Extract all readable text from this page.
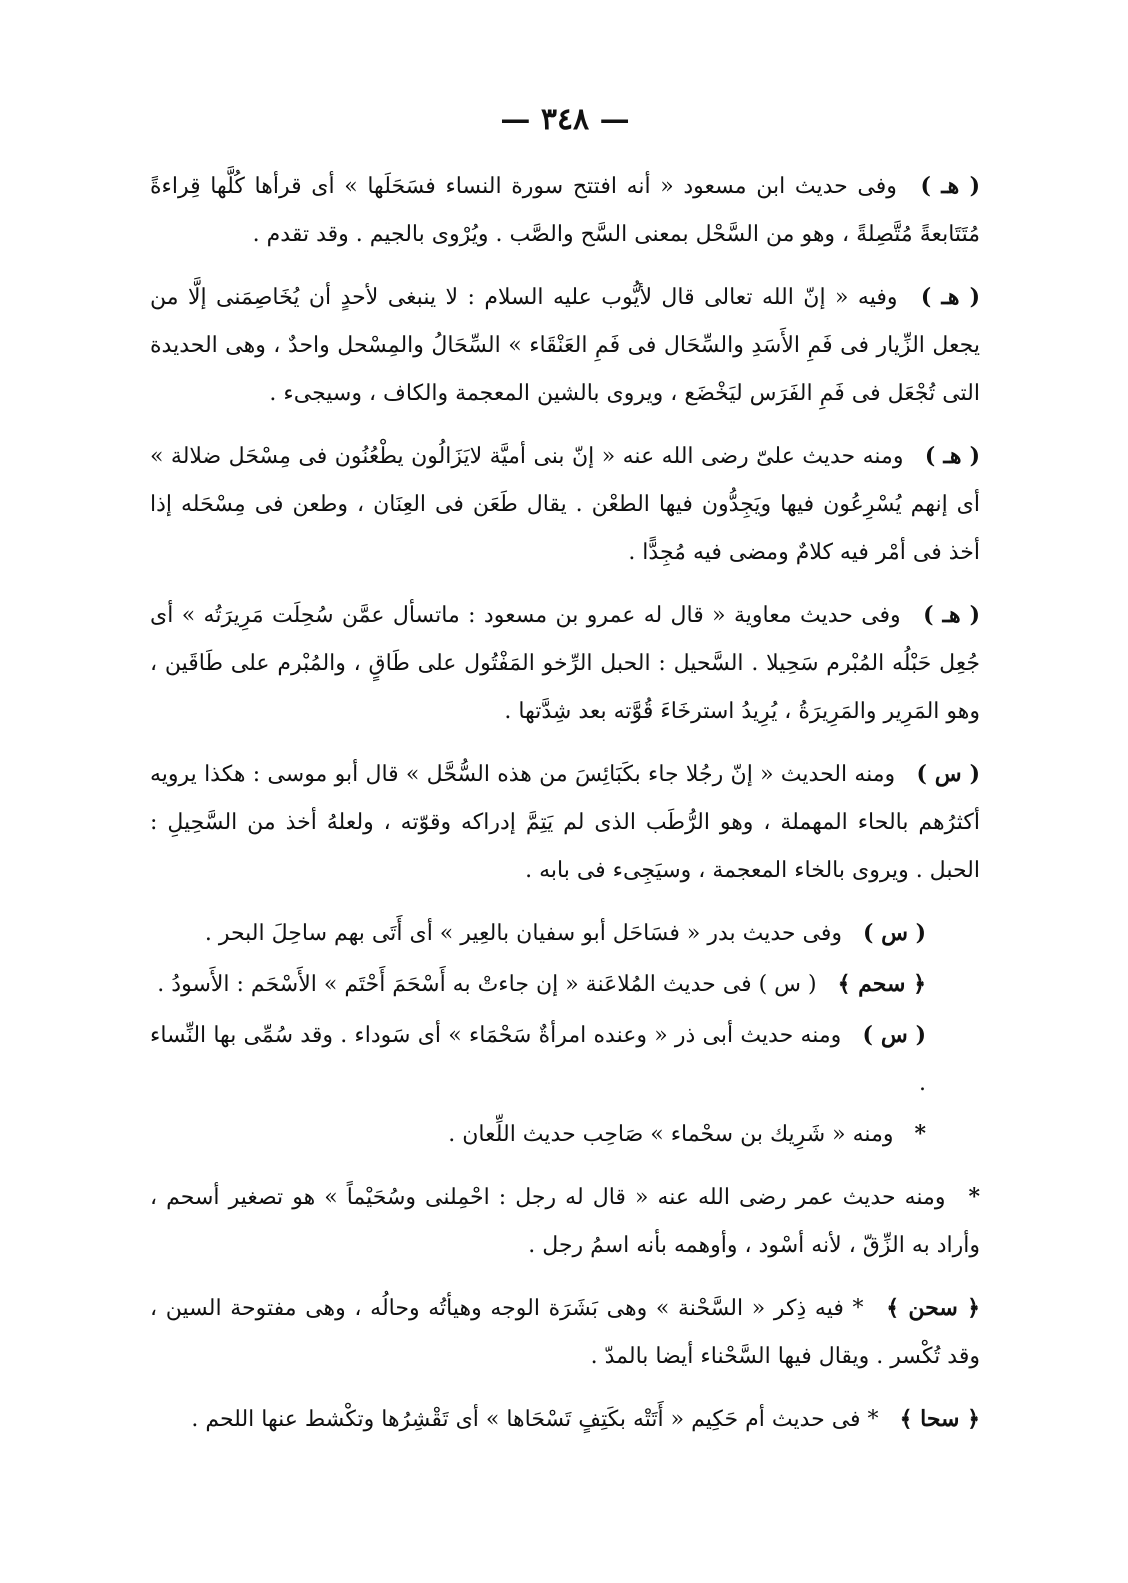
— ٣٤٨ —

( هـ ) وفى حديث ابن مسعود « أنه افتتح سورة النساء فسَحَلَها » أى قرأها كُلَّها قِراءةً مُتَتَابعةً مُتَّصِلةً ، وهو من السَّحْل بمعنى السَّح والصَّب . ويُرْوى بالجيم . وقد تقدم .

( هـ ) وفيه « إنّ الله تعالى قال لأيُّوب عليه السلام : لا ينبغى لأحدٍ أن يُخَاصِمَنى إلَّا من يجعل الزِّيار فى فَمِ الأَسَدِ والسِّحَال فى فَمِ العَنْقَاء » السِّحَالُ والمِسْحل واحدٌ ، وهى الحديدة التى تُجْعَل فى فَمِ الفَرَس ليَخْضَع ، ويروى بالشين المعجمة والكاف ، وسيجىء .

( هـ ) ومنه حديث علىّ رضى الله عنه « إنّ بنى أميَّة لايَزَالُون يطْعُنُون فى مِسْحَل ضلالة » أى إنهم يُسْرِعُون فيها ويَجِدُّون فيها الطعْن . يقال طَعَن فى العِنَان ، وطعن فى مِسْحَله إذا أخذ فى أمْر فيه كلامٌ ومضى فيه مُجِدًّا .

( هـ ) وفى حديث معاوية « قال له عمرو بن مسعود : ماتسأل عمَّن سُحِلَت مَرِيرَتُه » أى جُعِل حَبْلُه المُبْرم سَحِيلا . السَّحيل : الحبل الرِّخو المَفْتُول على طَاقٍ ، والمُبْرم على طَاقَين ، وهو المَرِير والمَرِيرَةُ ، يُرِيدُ استرخَاءَ قُوَّته بعد شِدَّتها .

( س ) ومنه الحديث « إنّ رجُلا جاء بكَبَائِسَ من هذه السُّحَّل » قال أبو موسى : هكذا يرويه أكثرُهم بالحاء المهملة ، وهو الرُّطَب الذى لم يَتِمَّ إدراكه وقوّته ، ولعلهُ أخذ من السَّحِيلِ : الحبل . ويروى بالخاء المعجمة ، وسيَجِىء فى بابه .

( س ) وفى حديث بدر « فسَاحَل أبو سفيان بالعِير » أى أَتَى بهم ساحِلَ البحر .

﴿ سحم ﴾ ( س ) فى حديث المُلاعَنة « إن جاءتْ به أَسْحَمَ أَحْتَم » الأَسْحَم : الأَسودُ .

( س ) ومنه حديث أبى ذر « وعنده امرأةٌ سَحْمَاء » أى سَوداء . وقد سُمِّى بها النِّساء .

* ومنه « شَرِيك بن سحْماء » صَاحِب حديث اللِّعان .

* ومنه حديث عمر رضى الله عنه « قال له رجل : احْمِلنى وسُحَيْماً » هو تصغير أسحم ، وأراد به الزِّقّ ، لأنه أسْود ، وأوهمه بأنه اسمُ رجل .

﴿ سحن ﴾ * فيه ذِكر « السَّحْنة » وهى بَشَرَة الوجه وهيأتُه وحالُه ، وهى مفتوحة السين ، وقد تُكْسر . ويقال فيها السَّحْناء أيضا بالمدّ .

﴿ سحا ﴾ * فى حديث أم حَكِيم « أَتَتْه بكَتِفٍ تَسْحَاها » أى تَقْشِرُها وتكْشط عنها اللحم .
